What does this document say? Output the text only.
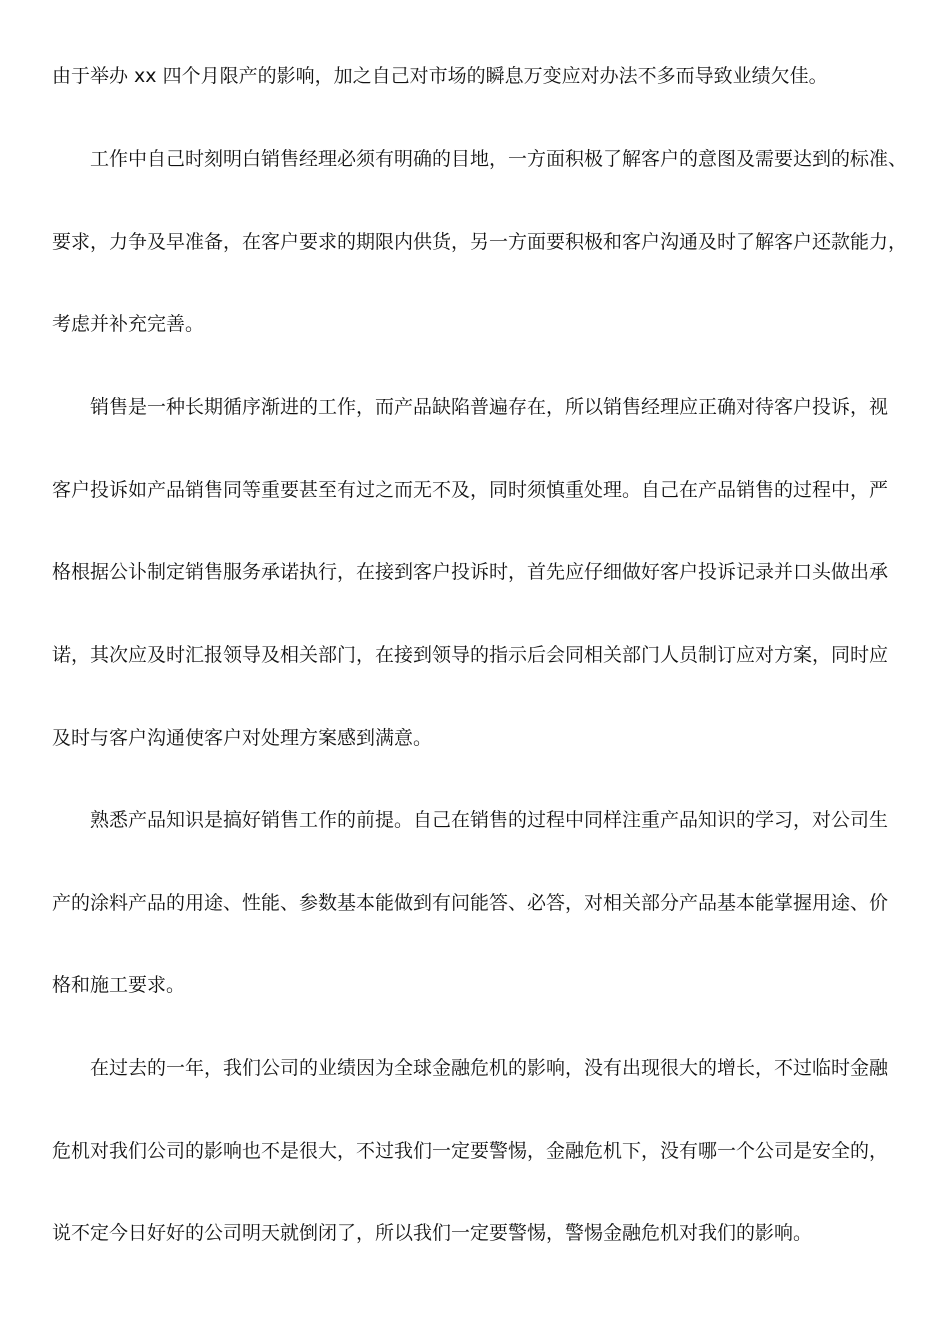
由于举办 xx 四个月限产的影响，加之自己对市场的瞬息万变应对办法不多而导致业绩欠佳。
工作中自己时刻明白销售经理必须有明确的目地，一方面积极了解客户的意图及需要达到的标准、
要求，力争及早准备，在客户要求的期限内供货，另一方面要积极和客户沟通及时了解客户还款能力，
考虑并补充完善。
销售是一种长期循序渐进的工作，而产品缺陷普遍存在，所以销售经理应正确对待客户投诉，视
客户投诉如产品销售同等重要甚至有过之而无不及，同时须慎重处理。自己在产品销售的过程中，严
格根据公讣制定销售服务承诺执行，在接到客户投诉时，首先应仔细做好客户投诉记录并口头做出承
诺，其次应及时汇报领导及相关部门，在接到领导的指示后会同相关部门人员制订应对方案，同时应
及时与客户沟通使客户对处理方案感到满意。
熟悉产品知识是搞好销售工作的前提。自己在销售的过程中同样注重产品知识的学习，对公司生
产的涂料产品的用途、性能、参数基本能做到有问能答、必答，对相关部分产品基本能掌握用途、价
格和施工要求。
在过去的一年，我们公司的业绩因为全球金融危机的影响，没有出现很大的增长，不过临时金融
危机对我们公司的影响也不是很大，不过我们一定要警惕，金融危机下，没有哪一个公司是安全的，
说不定今日好好的公司明天就倒闭了，所以我们一定要警惕，警惕金融危机对我们的影响。
